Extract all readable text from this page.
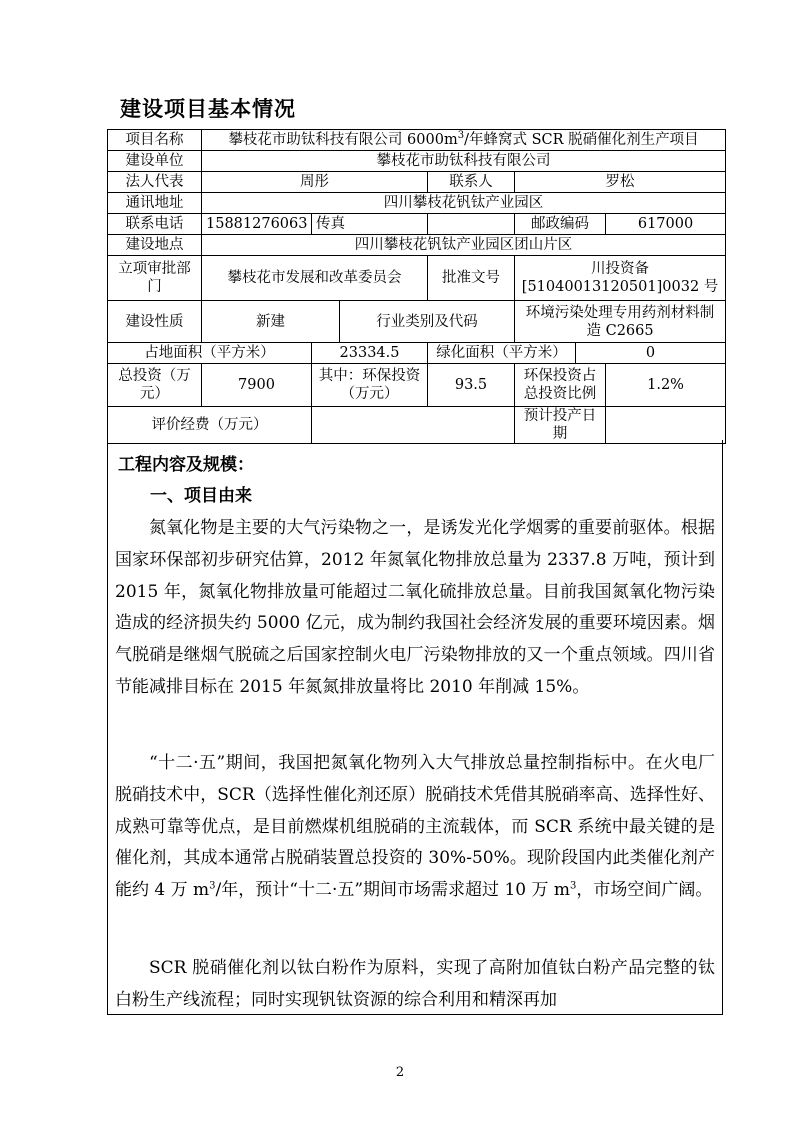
建设项目基本情况
项目名称	攀枝花市助钛科技有限公司 $6000m^3/$年蜂窝式 SCR 脱硝催化剂生产项目						
建设单位	攀枝花市助钛科技有限公司						
法人代表	周彤			联系人	罗松		
通讯地址	四川攀枝花钒钛产业园区						
联系电话	15881276063	传真			邮政编码		617000
建设地点	四川攀枝花钒钛产业园区团山片区						
立项审批部门	攀枝花市发展和改革委员会			批准文号	川投资备[51040013120501]0032 号		
建设性质	新建		行业类别及代码		环境污染处理专用药剂材料制造 C2665		
占地面积（平方米）		23334.5		绿化面积（平方米）		0	
总投资（万元）	7900	其中：环保投资（万元）		93.5	环保投资占总投资比例		1.2%
评价经费（万元）					预计投产日期		
工程内容及规模：
一、项目由来

氮氧化物是主要的大气污染物之一，是诱发光化学烟雾的重要前驱体。根据国家环保部初步研究估算，2012 年氮氧化物排放总量为 2337.8 万吨，预计到 2015 年，氮氧化物排放量可能超过二氧化硫排放总量。目前我国氮氧化物污染造成的经济损失约 5000 亿元，成为制约我国社会经济发展的重要环境因素。烟气脱硝是继烟气脱硫之后国家控制火电厂污染物排放的又一个重点领域。四川省节能减排目标在 2015 年氮氮排放量将比 2010 年削减 15%。

“十二·五”期间，我国把氮氧化物列入大气排放总量控制指标中。在火电厂脱硝技术中，SCR（选择性催化剂还原）脱硝技术凭借其脱硝率高、选择性好、成熟可靠等优点，是目前燃煤机组脱硝的主流载体，而 SCR 系统中最关键的是催化剂，其成本通常占脱硝装置总投资的 30%-50%。现阶段国内此类催化剂产能约 4 万 $m^3/$年，预计“十二·五”期间市场需求超过 10 万 $m^3$，市场空间广阔。

SCR 脱硝催化剂以钛白粉作为原料，实现了高附加值钛白粉产品完整的钛白粉生产线流程；同时实现钒钛资源的综合利用和精深再加

2
